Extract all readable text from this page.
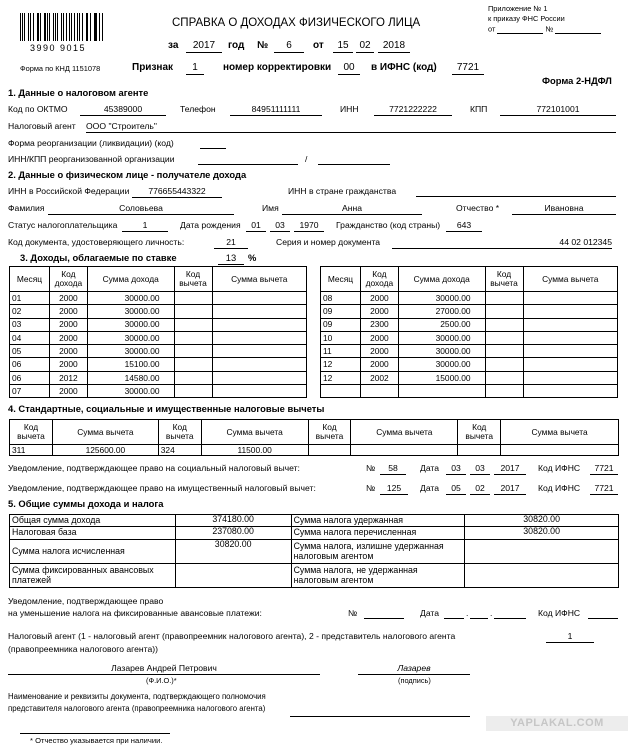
3990 9015
Форма по КНД 1151078
СПРАВКА О ДОХОДАХ ФИЗИЧЕСКОГО ЛИЦА
Приложение № 1
к приказу ФНС России
от	№
за	2017	год №	6	от	15	02	2018
Признак	1	номер корректировки	00	в ИФНС (код)	7721
Форма 2-НДФЛ
1. Данные о налоговом агенте
Код по ОКТМО	45389000	Телефон	84951111111	ИНН	7721222222	КПП	772101001
Налоговый агент ООО "Строитель"
Форма реорганизации (ликвидации) (код)
ИНН/КПП реорганизованной организации	/
2. Данные о физическом лице - получателе дохода
ИНН в Российской Федерации	776655443322	ИНН в стране гражданства
Фамилия	Соловьева	Имя	Анна	Отчество *	Ивановна
Статус налогоплательщика	1	Дата рождения	01	03	1970	Гражданство (код страны)	643
Код документа, удостоверяющего личность:	21	Серия и номер документа	44 02 012345
3. Доходы, облагаемые по ставке	13	%
Месяц	Код дохода	Сумма дохода	Код вычета	Сумма вычета
01	2000	30000.00		
02	2000	30000.00		
03	2000	30000.00		
04	2000	30000.00		
05	2000	30000.00		
06	2000	15100.00		
06	2012	14580.00		
07	2000	30000.00		
Месяц	Код дохода	Сумма дохода	Код вычета	Сумма вычета
08	2000	30000.00		
09	2000	27000.00		
09	2300	2500.00		
10	2000	30000.00		
11	2000	30000.00		
12	2000	30000.00		
12	2002	15000.00		

4. Стандартные, социальные и имущественные налоговые вычеты
Код вычета	Сумма вычета	Код вычета	Сумма вычета	Код вычета	Сумма вычета	Код вычета	Сумма вычета
311	125600.00	324	11500.00				
Уведомление, подтверждающее право на социальный налоговый вычет:	№	58	Дата	03	03	2017	Код ИФНС	7721
Уведомление, подтверждающее право на имущественный налоговый вычет:	№	125	Дата	05	02	2017	Код ИФНС	7721
5. Общие суммы дохода и налога
Общая сумма дохода	374180.00	Сумма налога удержанная	30820.00
Налоговая база	237080.00	Сумма налога перечисленная	30820.00
Сумма налога исчисленная	30820.00	Сумма налога, излишне удержанная налоговым агентом	
Сумма фиксированных авансовых платежей		Сумма налога, не удержанная налоговым агентом	
Уведомление, подтверждающее право
на уменьшение налога на фиксированные авансовые платежи:	№	Дата	.	.	Код ИФНС
Налоговый агент (1 - налоговый агент (правопреемник налогового агента), 2 - представитель налогового агента
(правопреемника налогового агента))
1
Лазарев Андрей Петрович
(Ф.И.О.)*
Лазарев
(подпись)
Наименование и реквизиты документа, подтверждающего полномочия
представителя налогового агента (правопреемника налогового агента)
* Отчество указывается при наличии.
YAPLAKAL.COM
